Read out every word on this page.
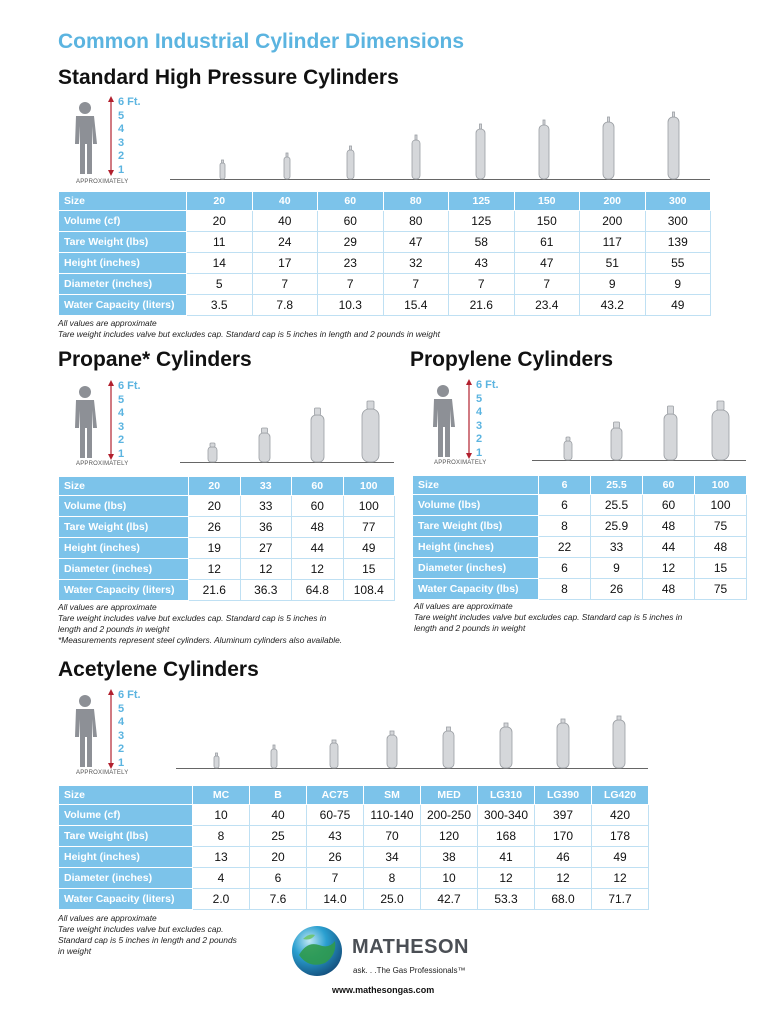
Common Industrial Cylinder Dimensions
Standard High Pressure Cylinders
6 Ft.
5
4
3
2
1
APPROXIMATELY
Size	20	40	60	80	125	150	200	300
Volume (cf)	20	40	60	80	125	150	200	300
Tare Weight (lbs)	11	24	29	47	58	61	117	139
Height (inches)	14	17	23	32	43	47	51	55
Diameter (inches)	5	7	7	7	7	7	9	9
Water Capacity (liters)	3.5	7.8	10.3	15.4	21.6	23.4	43.2	49
All values are approximate
Tare weight includes valve but excludes cap. Standard cap is 5 inches in length and 2 pounds in weight
Propane* Cylinders
6 Ft.
5
4
3
2
1
APPROXIMATELY
Size	20	33	60	100
Volume (lbs)	20	33	60	100
Tare Weight (lbs)	26	36	48	77
Height (inches)	19	27	44	49
Diameter (inches)	12	12	12	15
Water Capacity (liters)	21.6	36.3	64.8	108.4
All values are approximate
Tare weight includes valve but excludes cap. Standard cap is 5 inches in
length and 2 pounds in weight
*Measurements represent steel cylinders. Aluminum cylinders also available.
Propylene Cylinders
6 Ft.
5
4
3
2
1
APPROXIMATELY
Size	6	25.5	60	100
Volume (lbs)	6	25.5	60	100
Tare Weight (lbs)	8	25.9	48	75
Height (inches)	22	33	44	48
Diameter (inches)	6	9	12	15
Water Capacity (lbs)	8	26	48	75
All values are approximate
Tare weight includes valve but excludes cap. Standard cap is 5 inches in
length and 2 pounds in weight
Acetylene Cylinders
6 Ft.
5
4
3
2
1
APPROXIMATELY
Size	MC	B	AC75	SM	MED	LG310	LG390	LG420
Volume (cf)	10	40	60-75	110-140	200-250	300-340	397	420
Tare Weight (lbs)	8	25	43	70	120	168	170	178
Height (inches)	13	20	26	34	38	41	46	49
Diameter (inches)	4	6	7	8	10	12	12	12
Water Capacity (liters)	2.0	7.6	14.0	25.0	42.7	53.3	68.0	71.7
All values are approximate
Tare weight includes valve but excludes cap.
Standard cap is 5 inches in length and 2 pounds
in weight	MATHESON
ask. . .The Gas Professionals™
www.mathesongas.com
